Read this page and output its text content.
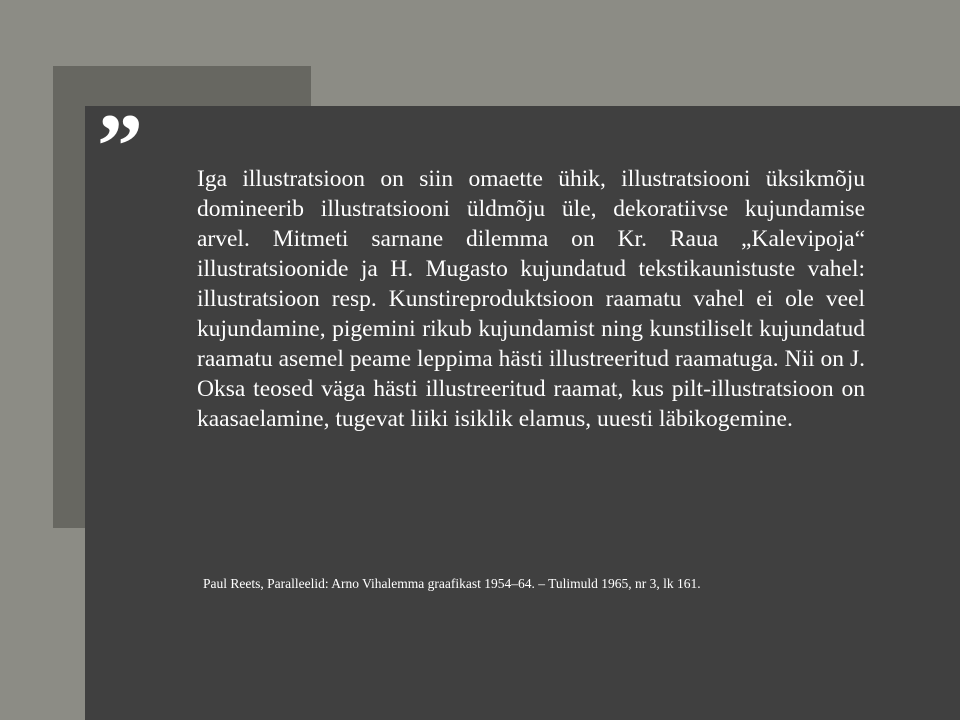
” Iga illustratsioon on siin omaette ühik, illustratsiooni üksikmõju domineerib illustratsiooni üldmõju üle, dekoratiivse kujundamise arvel. Mitmeti sarnane dilemma on Kr. Raua „Kalevipoja“ illustratsioonide ja H. Mugasto kujundatud tekstikaunistuste vahel: illustratsioon resp. Kunstireproduktsioon raamatu vahel ei ole veel kujundamine, pigemini rikub kujundamist ning kunstiliselt kujundatud raamatu asemel peame leppima hästi illustreeritud raamatuga. Nii on J. Oksa teosed väga hästi illustreeritud raamat, kus pilt-illustratsioon on kaasaelamine, tugevat liiki isiklik elamus, uuesti läbikogemine.

Paul Reets, Paralleelid: Arno Vihalemma graafikast 1954–64. – Tulimuld 1965, nr 3, lk 161.
